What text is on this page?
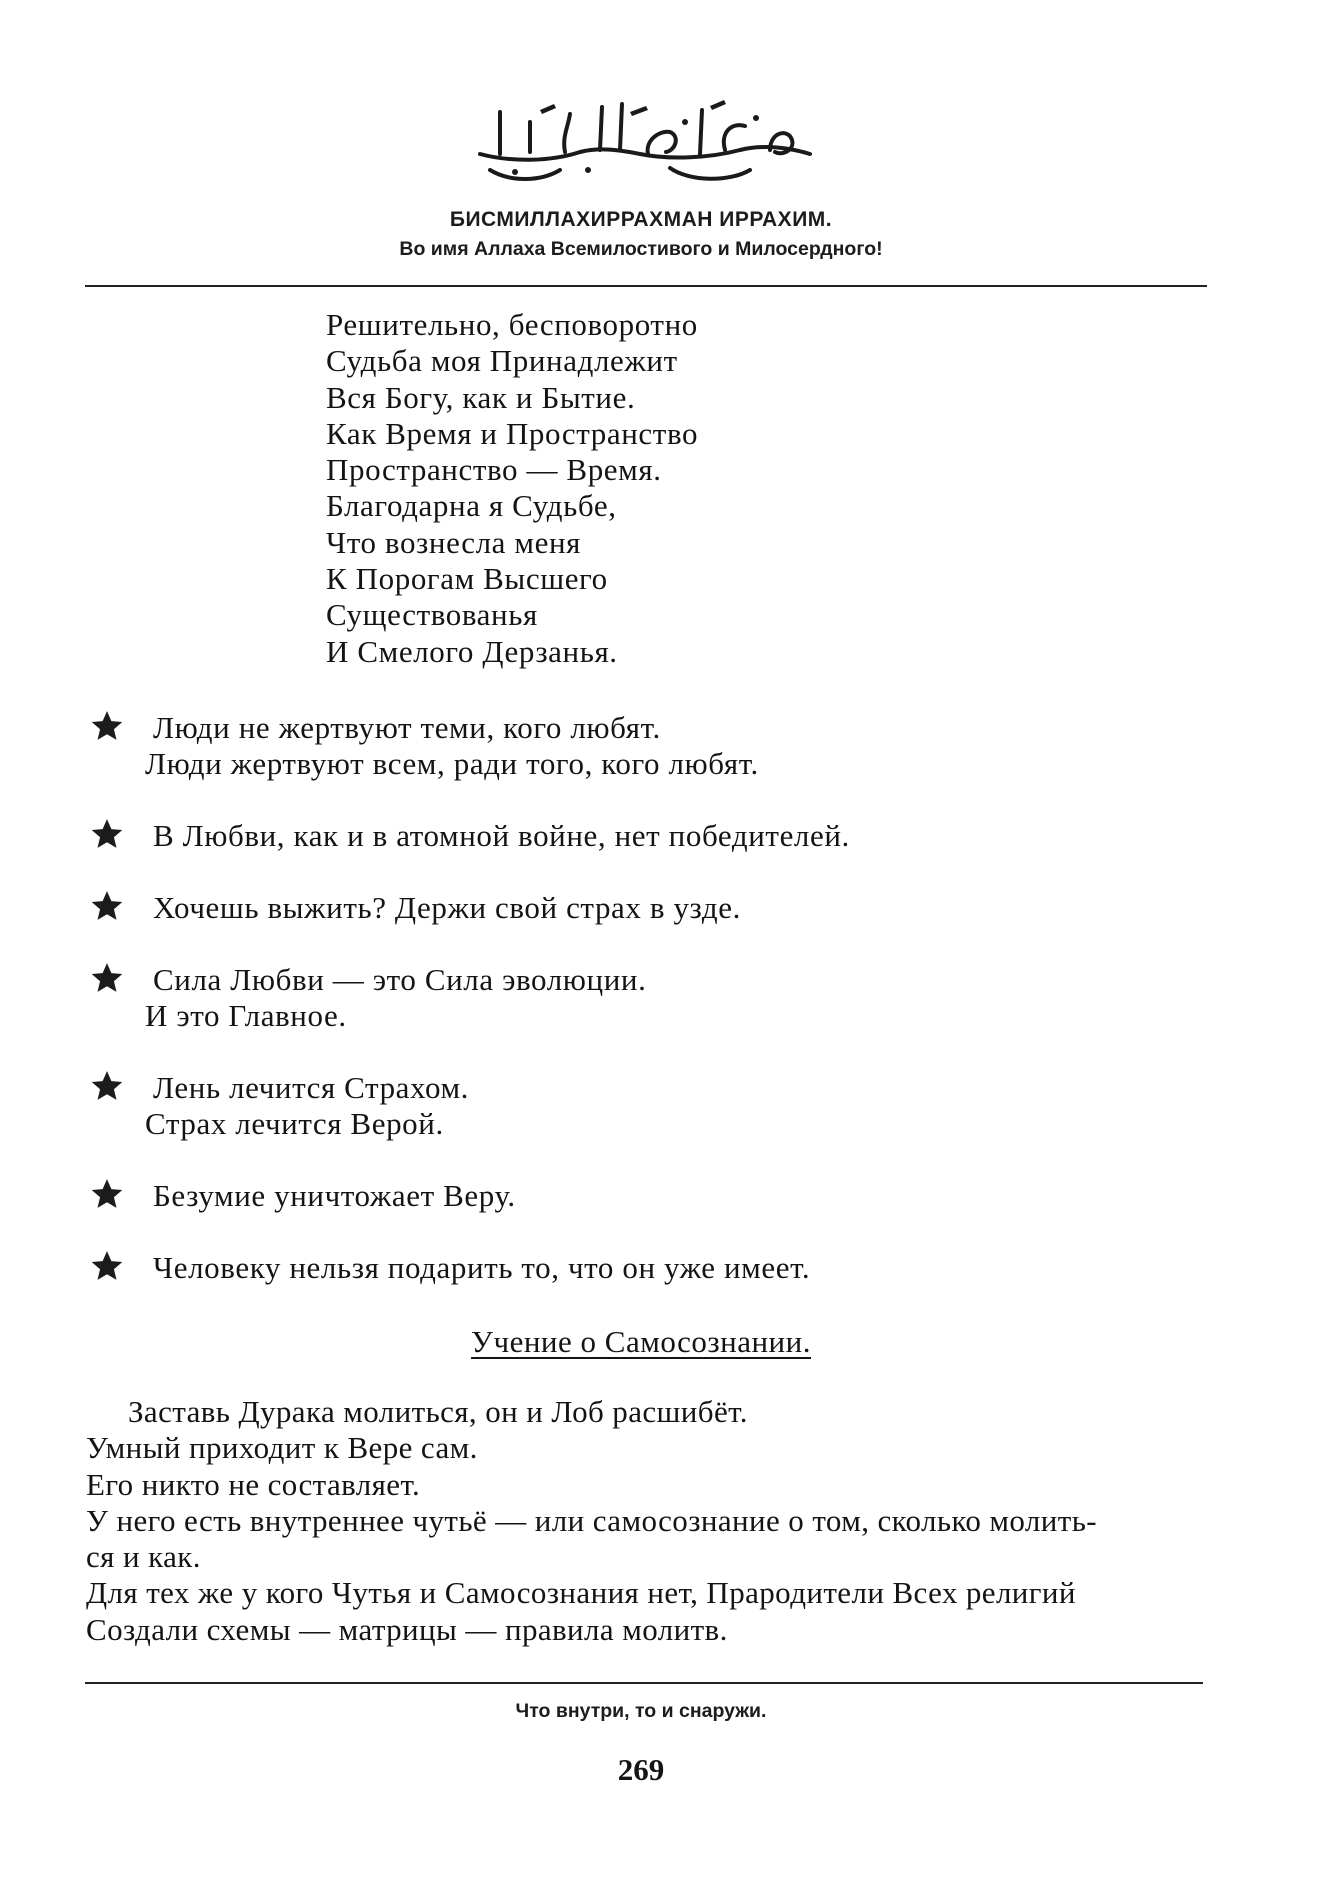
БИСМИЛЛАХИРРАХМАН ИРРАХИМ.
Во имя Аллаха Всемилостивого и Милосердного!
Решительно, бесповоротно
Судьба моя Принадлежит
Вся Богу, как и Бытие.
Как Время и Пространство
Пространство — Время.
Благодарна я Судьбе,
Что вознесла меня
К Порогам Высшего
Существованья
И Смелого Дерзанья.
Люди не жертвуют теми, кого любят.
Люди жертвуют всем, ради того, кого любят.
В Любви, как и в атомной войне, нет победителей.
Хочешь выжить? Держи свой страх в узде.
Сила Любви — это Сила эволюции.
И это Главное.
Лень лечится Страхом.
Страх лечится Верой.
Безумие уничтожает Веру.
Человеку нельзя подарить то, что он уже имеет.
Учение о Самосознании.
Заставь Дурака молиться, он и Лоб расшибёт.
Умный приходит к Вере сам.
Его никто не составляет.
У него есть внутреннее чутьё — или самосознание о том, сколько молить-
ся и как.
Для тех же у кого Чутья и Самосознания нет, Прародители Всех религий
Создали схемы — матрицы — правила молитв.
Что внутри, то и снаружи.
269
